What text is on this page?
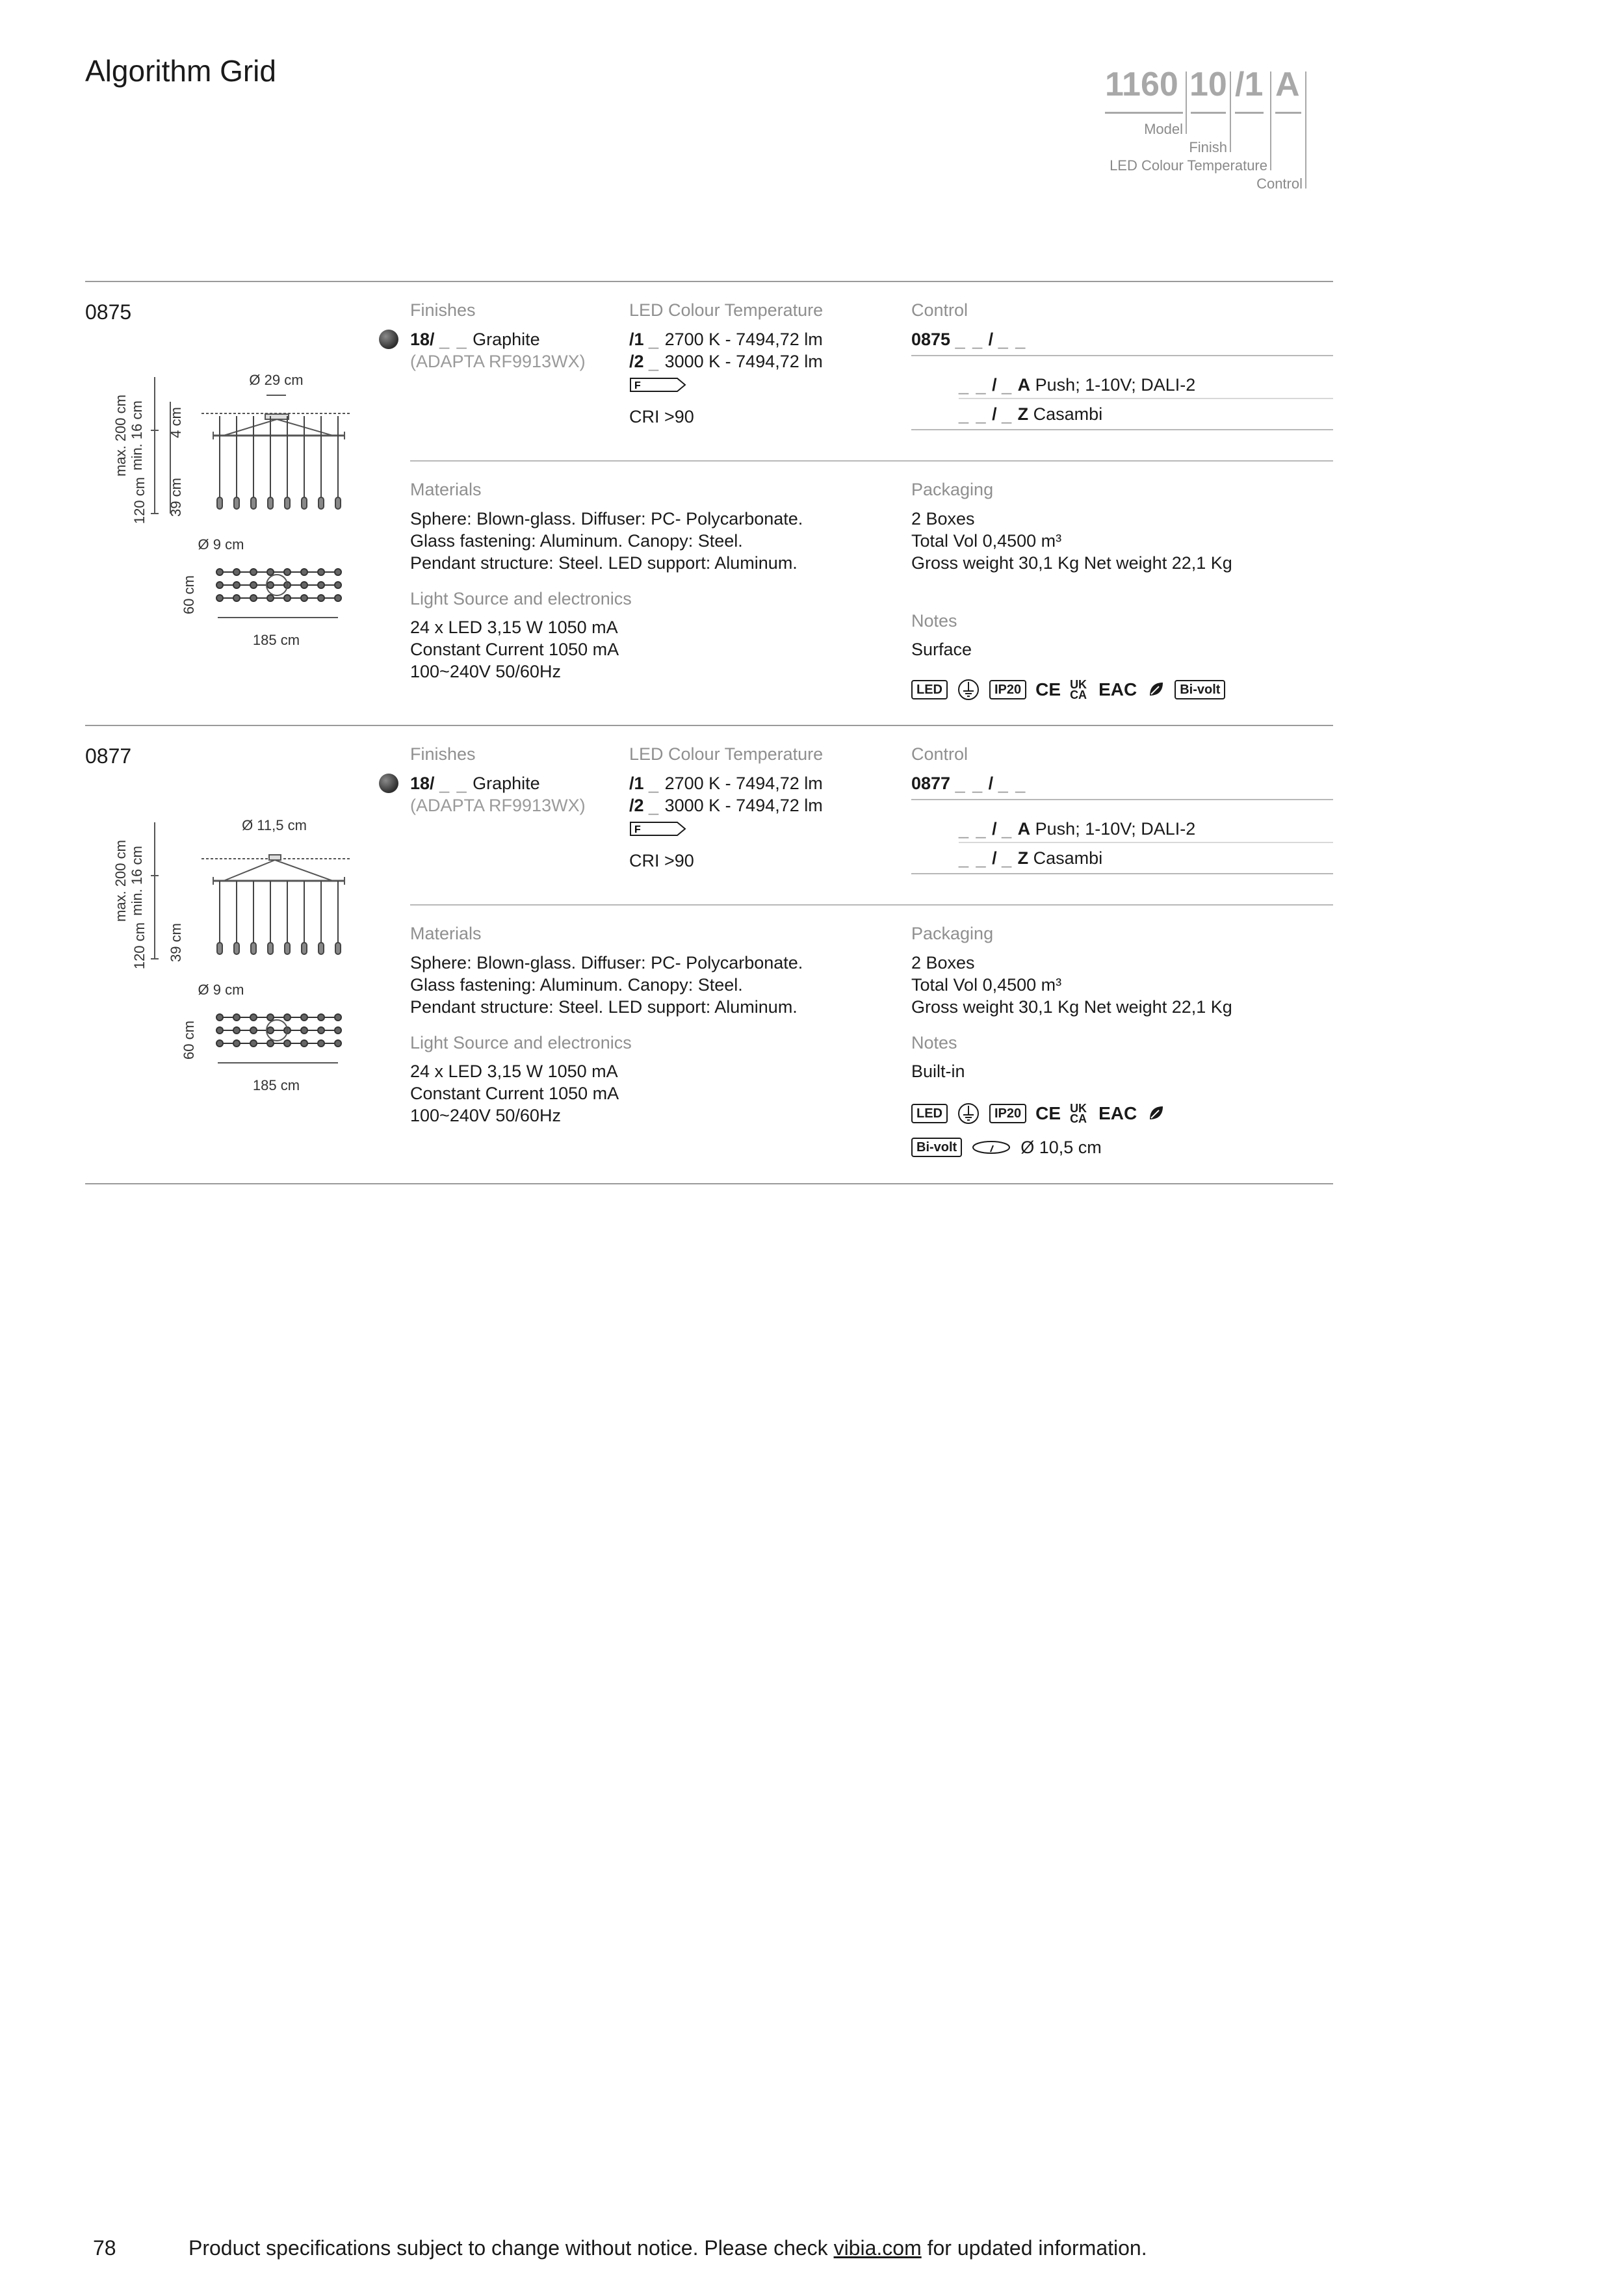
Algorithm Grid	1160 10 /1 A
Model
Finish
LED Colour Temperature
Control
0875
max. 200 cm min. 16 cm
120 cm
4 cm
39 cm
Ø 29 cm
Ø 9 cm
60 cm
185 cm
Finishes
18/ _ _ Graphite
(ADAPTA RF9913WX)
LED Colour Temperature
/1 _ 2700 K - 7494,72 lm
/2 _ 3000 K - 7494,72 lm
F
CRI >90
Control
0875 _ _ / _ _
_ _ / _ A Push; 1-10V; DALI-2
_ _ / _ Z Casambi
Materials
Sphere: Blown-glass. Diffuser: PC- Polycarbonate.
Glass fastening: Aluminum. Canopy: Steel.
Pendant structure: Steel. LED support: Aluminum.
Light Source and electronics
24 x LED 3,15 W 1050 mA
Constant Current 1050 mA
100~240V 50/60Hz
Packaging
2 Boxes
Total Vol 0,4500 m³
Gross weight 30,1 Kg Net weight 22,1 Kg
Notes
Surface
LED	IP20 CE UK CA EAC	Bi-volt
0877
max. 200 cm min. 16 cm
120 cm 39 cm
Ø 11,5 cm
Ø 9 cm
60 cm
185 cm
Finishes
18/ _ _ Graphite
(ADAPTA RF9913WX)
LED Colour Temperature
/1 _ 2700 K - 7494,72 lm
/2 _ 3000 K - 7494,72 lm
F
CRI >90
Control
0877 _ _ / _ _
_ _ / _ A Push; 1-10V; DALI-2
_ _ / _ Z Casambi
Materials
Sphere: Blown-glass. Diffuser: PC- Polycarbonate.
Glass fastening: Aluminum. Canopy: Steel.
Pendant structure: Steel. LED support: Aluminum.
Light Source and electronics
24 x LED 3,15 W 1050 mA
Constant Current 1050 mA
100~240V 50/60Hz
Packaging
2 Boxes
Total Vol 0,4500 m³
Gross weight 30,1 Kg Net weight 22,1 Kg
Notes
Built-in
LED	IP20 CE UK CA EAC
Bi-volt	Ø 10,5 cm
78	Product specifications subject to change without notice. Please check vibia.com for updated information.
